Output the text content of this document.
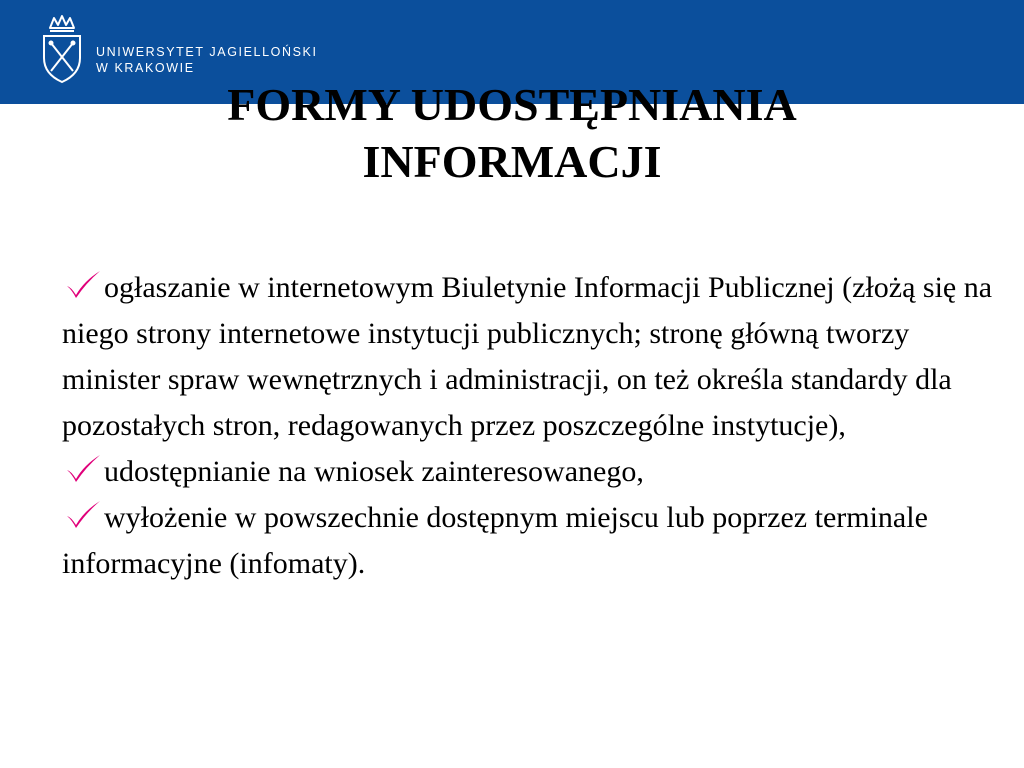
UNIWERSYTET JAGIELLOŃSKI
W KRAKOWIE
FORMY UDOSTĘPNIANIA
INFORMACJI

ogłaszanie w internetowym Biuletynie Informacji Publicznej (złożą się na niego strony internetowe instytucji publicznych; stronę główną tworzy minister spraw wewnętrznych i administracji, on też określa standardy dla pozostałych stron, redagowanych przez poszczególne instytucje),

udostępnianie na wniosek zainteresowanego,

wyłożenie w powszechnie dostępnym miejscu lub poprzez terminale informacyjne (infomaty).
